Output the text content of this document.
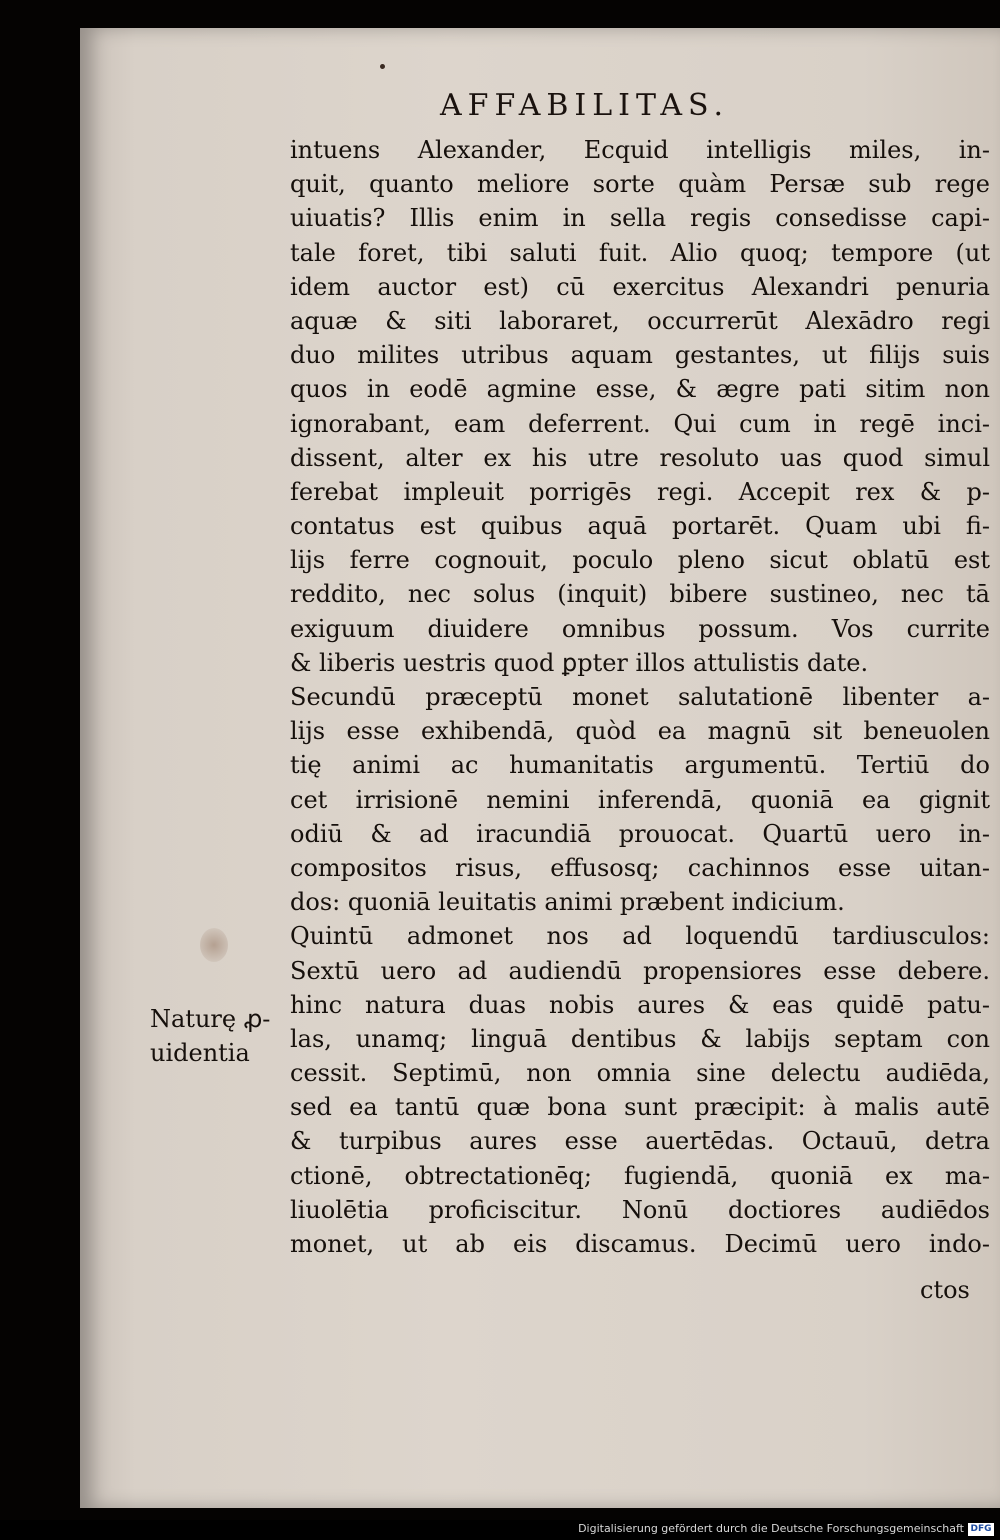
AFFABILITAS.
intuens Alexander, Ecquid intelligis miles, in-
quit, quanto meliore sorte quàm Persæ sub rege
uiuatis? Illis enim in sella regis consedisse capi-
tale foret, tibi saluti fuit. Alio quoq; tempore (ut
idem auctor est) cū exercitus Alexandri penuria
aquæ & siti laboraret, occurrerūt Alexādro regi
duo milites utribus aquam gestantes, ut filijs suis
quos in eodē agmine esse, & ægre pati sitim non
ignorabant, eam deferrent. Qui cum in regē inci-
dissent, alter ex his utre resoluto uas quod simul
ferebat impleuit porrigēs regi. Accepit rex & p-
contatus est quibus aquā portarēt. Quam ubi fi-
lijs ferre cognouit, poculo pleno sicut oblatū est
reddito, nec solus (inquit) bibere sustineo, nec tā
exiguum diuidere omnibus possum. Vos currite
& liberis uestris quod ꝑpter illos attulistis date.
Secundū præceptū monet salutationē libenter a-
lijs esse exhibendā, quòd ea magnū sit beneuolen
tię animi ac humanitatis argumentū. Tertiū do
cet irrisionē nemini inferendā, quoniā ea gignit
odiū & ad iracundiā prouocat. Quartū uero in-
compositos risus, effusosq; cachinnos esse uitan-
dos: quoniā leuitatis animi præbent indicium.
Quintū admonet nos ad loquendū tardiusculos:
Sextū uero ad audiendū propensiores esse debere.
hinc natura duas nobis aures & eas quidē patu-
las, unamq; linguā dentibus & labijs septam con
cessit. Septimū, non omnia sine delectu audiēda,
sed ea tantū quæ bona sunt præcipit: à malis autē
& turpibus aures esse auertēdas. Octauū, detra
ctionē, obtrectationēq; fugiendā, quoniā ex ma-
liuolētia proficiscitur. Nonū doctiores audiēdos
monet, ut ab eis discamus. Decimū uero indo-
ctos
Naturę ꝓ-
uidentia
Digitalisierung gefördert durch die Deutsche Forschungsgemeinschaft DFG
